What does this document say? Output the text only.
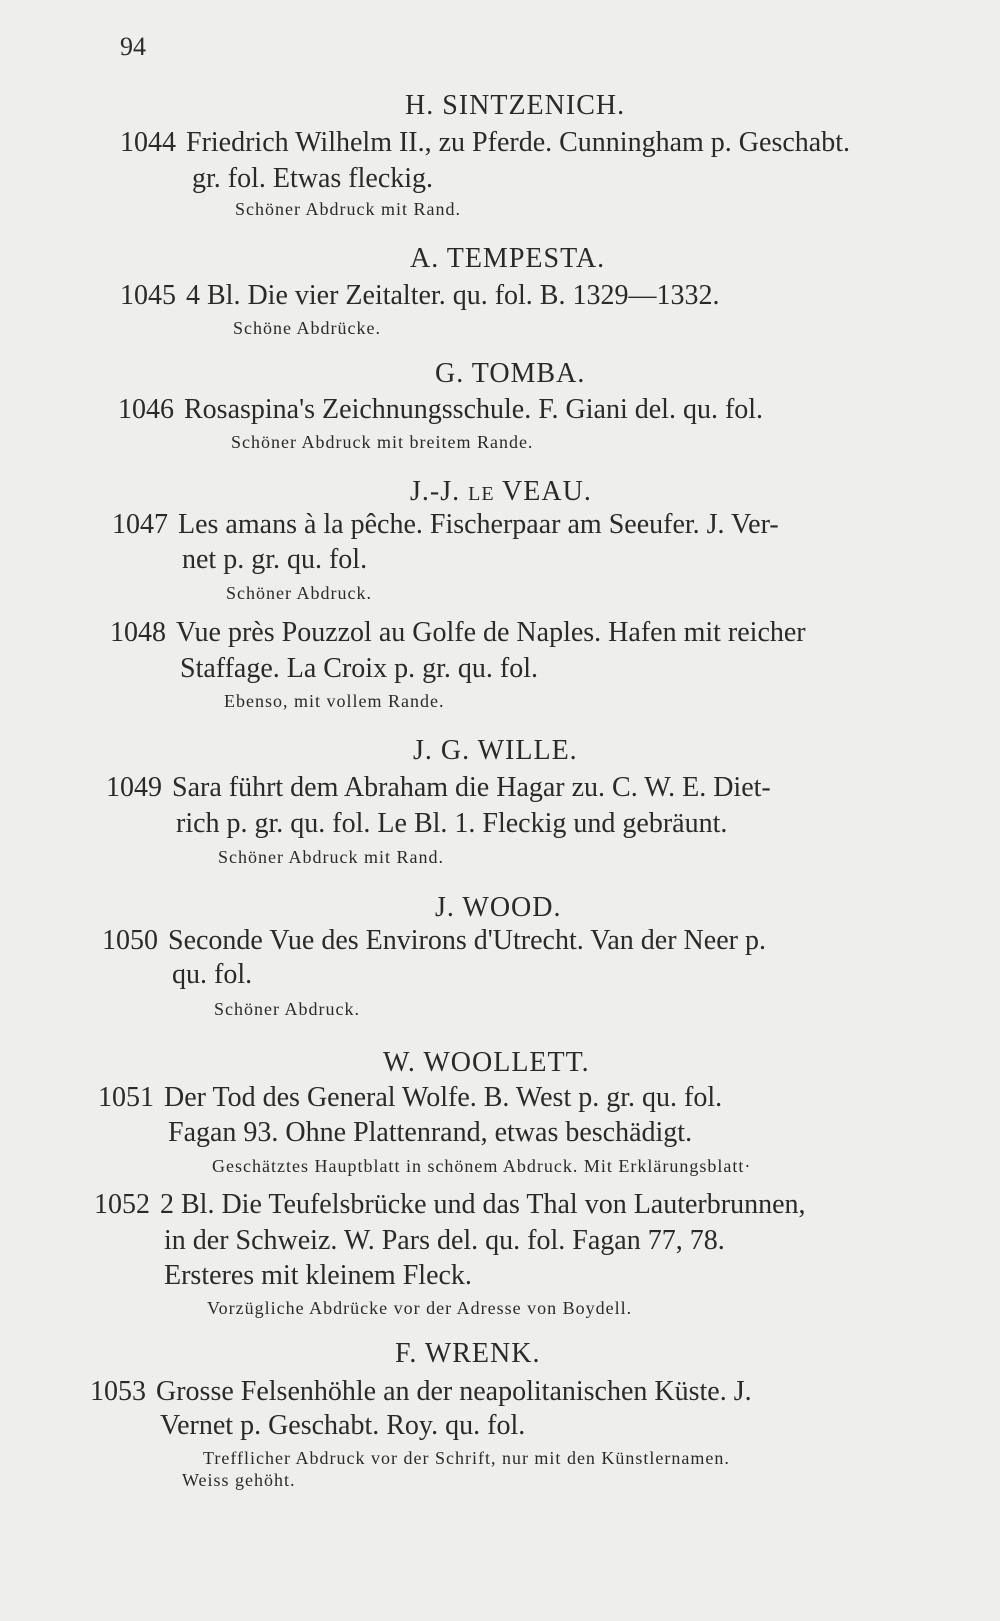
94
H. SINTZENICH.
1044 Friedrich Wilhelm II., zu Pferde. Cunningham p. Geschabt.
gr. fol. Etwas fleckig.
Schöner Abdruck mit Rand.
A. TEMPESTA.
1045 4 Bl. Die vier Zeitalter. qu. fol. B. 1329—1332.
Schöne Abdrücke.
G. TOMBA.
1046 Rosaspina's Zeichnungsschule. F. Giani del. qu. fol.
Schöner Abdruck mit breitem Rande.
J.-J. LE VEAU.
1047 Les amans à la pêche. Fischerpaar am Seeufer. J. Ver-
net p. gr. qu. fol.
Schöner Abdruck.
1048 Vue près Pouzzol au Golfe de Naples. Hafen mit reicher
Staffage. La Croix p. gr. qu. fol.
Ebenso, mit vollem Rande.
J. G. WILLE.
1049 Sara führt dem Abraham die Hagar zu. C. W. E. Diet-
rich p. gr. qu. fol. Le Bl. 1. Fleckig und gebräunt.
Schöner Abdruck mit Rand.
J. WOOD.
1050 Seconde Vue des Environs d'Utrecht. Van der Neer p.
qu. fol.
Schöner Abdruck.
W. WOOLLETT.
1051 Der Tod des General Wolfe. B. West p. gr. qu. fol.
Fagan 93. Ohne Plattenrand, etwas beschädigt.
Geschätztes Hauptblatt in schönem Abdruck. Mit Erklärungsblatt·
1052 2 Bl. Die Teufelsbrücke und das Thal von Lauterbrunnen,
in der Schweiz. W. Pars del. qu. fol. Fagan 77, 78.
Ersteres mit kleinem Fleck.
Vorzügliche Abdrücke vor der Adresse von Boydell.
F. WRENK.
1053 Grosse Felsenhöhle an der neapolitanischen Küste. J.
Vernet p. Geschabt. Roy. qu. fol.
Trefflicher Abdruck vor der Schrift, nur mit den Künstlernamen.
Weiss gehöht.
